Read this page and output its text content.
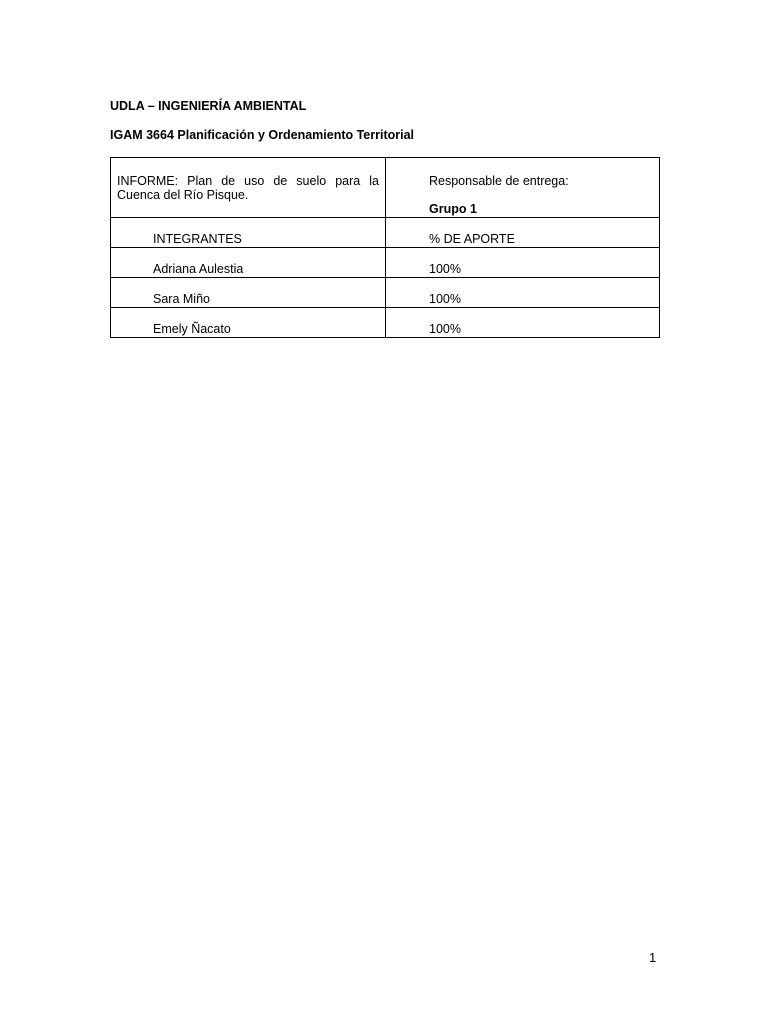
UDLA – INGENIERÍA AMBIENTAL
IGAM 3664 Planificación y Ordenamiento Territorial
INFORME: Plan de uso de suelo para la Cuenca del Río Pisque.	Responsable de entrega:
Grupo 1

INTEGRANTES	% DE APORTE

Adriana Aulestia	100%

Sara Miño	100%

Emely Ñacato	100%
1
